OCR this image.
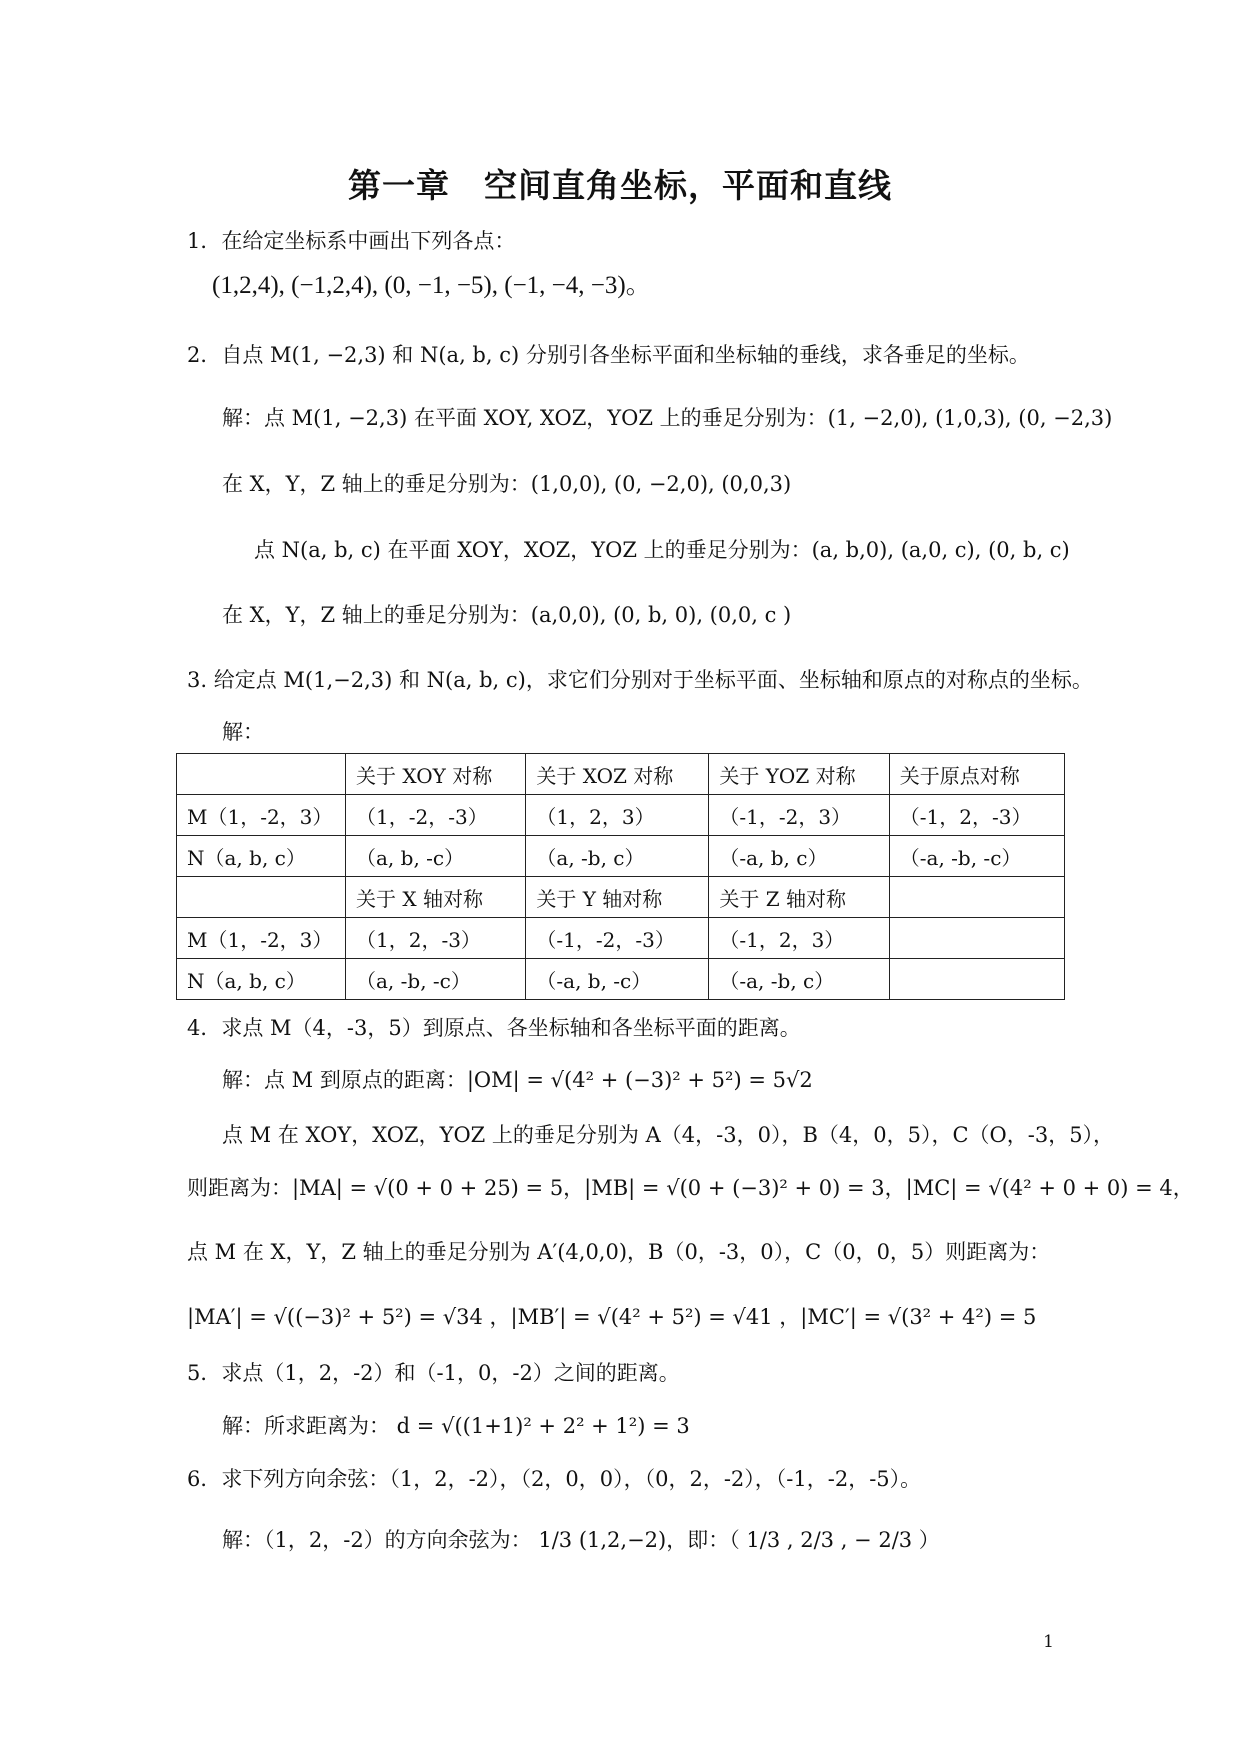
第一章　空间直角坐标，平面和直线
1．在给定坐标系中画出下列各点：
(1,2,4), (−1,2,4), (0, −1, −5), (−1, −4, −3)。
2．自点 M(1, −2,3) 和 N(a, b, c) 分别引各坐标平面和坐标轴的垂线，求各垂足的坐标。
解：点 M(1, −2,3) 在平面 XOY, XOZ，YOZ 上的垂足分别为：(1, −2,0), (1,0,3), (0, −2,3)
在 X，Y，Z 轴上的垂足分别为：(1,0,0), (0, −2,0), (0,0,3)
点 N(a, b, c) 在平面 XOY，XOZ，YOZ 上的垂足分别为：(a, b,0), (a,0, c), (0, b, c)
在 X，Y，Z 轴上的垂足分别为：(a,0,0), (0, b, 0), (0,0, c )
3. 给定点 M(1,−2,3) 和 N(a, b, c)，求它们分别对于坐标平面、坐标轴和原点的对称点的坐标。
解：
	关于 XOY 对称	关于 XOZ 对称	关于 YOZ 对称	关于原点对称
M（1，-2，3）	（1，-2，-3）	（1，2，3）	（-1，-2，3）	（-1，2，-3）
N（a, b, c）	（a, b, -c）	（a, -b, c）	（-a, b, c）	（-a, -b, -c）
	关于 X 轴对称	关于 Y 轴对称	关于 Z 轴对称	
M（1，-2，3）	（1，2，-3）	（-1，-2，-3）	（-1，2，3）	
N（a, b, c）	（a, -b, -c）	（-a, b, -c）	（-a, -b, c）	
4．求点 M（4，-3，5）到原点、各坐标轴和各坐标平面的距离。
解：点 M 到原点的距离：|OM| = √(4² + (−3)² + 5²) = 5√2
点 M 在 XOY，XOZ，YOZ 上的垂足分别为 A（4，-3，0），B（4，0，5），C（O，-3，5），
则距离为：|MA| = √(0 + 0 + 25) = 5，|MB| = √(0 + (−3)² + 0) = 3，|MC| = √(4² + 0 + 0) = 4，
点 M 在 X，Y，Z 轴上的垂足分别为 A′(4,0,0)，B（0，-3，0），C（0，0，5）则距离为：
|MA′| = √((−3)² + 5²) = √34 ，|MB′| = √(4² + 5²) = √41 ，|MC′| = √(3² + 4²) = 5
5．求点（1，2，-2）和（-1，0，-2）之间的距离。
解：所求距离为： d = √((1+1)² + 2² + 1²) = 3
6．求下列方向余弦：（1，2，-2），（2，0，0），（0，2，-2），（-1，-2，-5）。
解：（1，2，-2）的方向余弦为： 1/3 (1,2,−2)，即：（ 1/3 , 2/3 , − 2/3 ）
1
